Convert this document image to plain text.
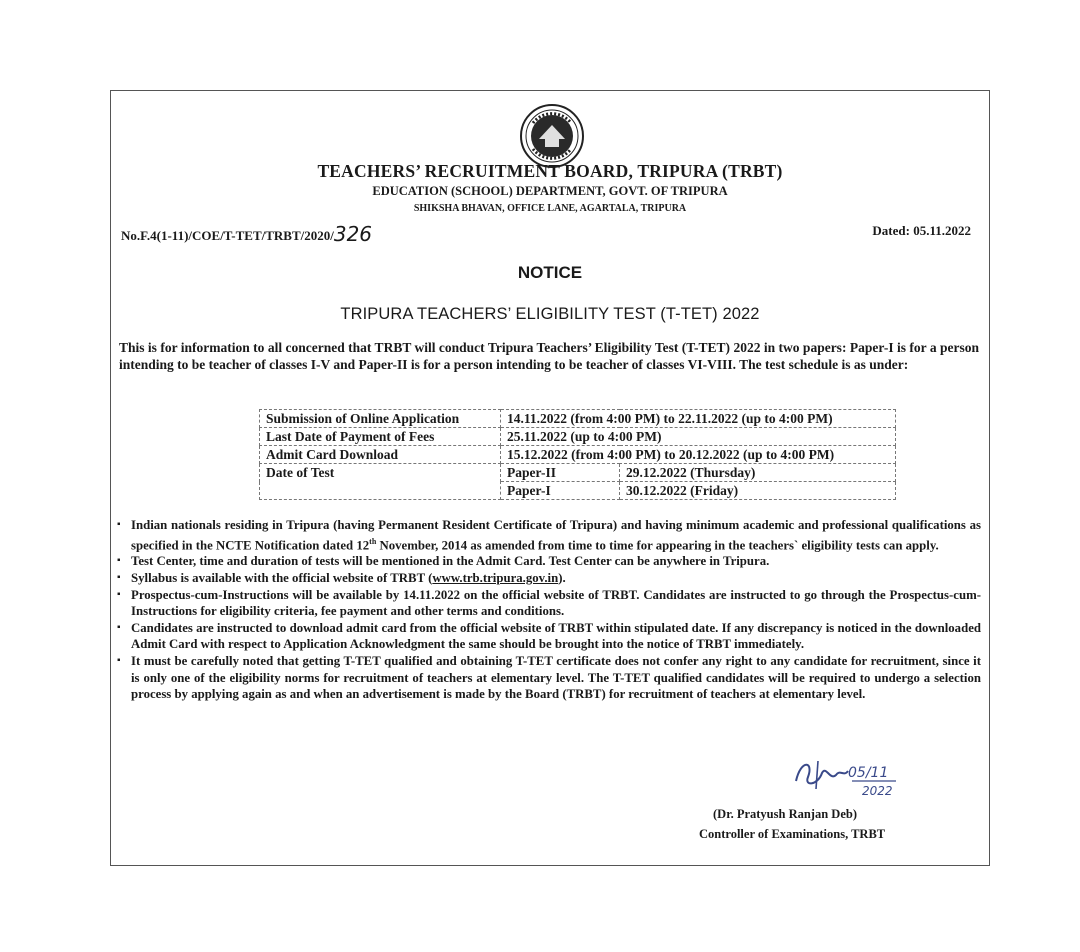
TEACHERS’ RECRUITMENT BOARD, TRIPURA (TRBT)
EDUCATION (SCHOOL) DEPARTMENT, GOVT. OF TRIPURA
SHIKSHA BHAVAN, OFFICE LANE, AGARTALA, TRIPURA
No.F.4(1-11)/COE/T-TET/TRBT/2020/326	Dated: 05.11.2022
NOTICE
TRIPURA TEACHERS’ ELIGIBILITY TEST (T-TET) 2022
This is for information to all concerned that TRBT will conduct Tripura Teachers’ Eligibility Test (T-TET) 2022 in two papers: Paper-I is for a person intending to be teacher of classes I-V and Paper-II is for a person intending to be teacher of classes VI-VIII. The test schedule is as under:
Submission of Online Application	14.11.2022 (from 4:00 PM) to 22.11.2022 (up to 4:00 PM)	
Last Date of Payment of Fees	25.11.2022 (up to 4:00 PM)	
Admit Card Download	15.12.2022 (from 4:00 PM) to 20.12.2022 (up to 4:00 PM)	
Date of Test	Paper-II	29.12.2022 (Thursday)
	Paper-I	30.12.2022 (Friday)
▪ Indian nationals residing in Tripura (having Permanent Resident Certificate of Tripura) and having minimum academic and professional qualifications as specified in the NCTE Notification dated 12th November, 2014 as amended from time to time for appearing in the teachers` eligibility tests can apply.
▪ Test Center, time and duration of tests will be mentioned in the Admit Card. Test Center can be anywhere in Tripura.
▪ Syllabus is available with the official website of TRBT (www.trb.tripura.gov.in).
▪ Prospectus-cum-Instructions will be available by 14.11.2022 on the official website of TRBT. Candidates are instructed to go through the Prospectus-cum-Instructions for eligibility criteria, fee payment and other terms and conditions.
▪ Candidates are instructed to download admit card from the official website of TRBT within stipulated date. If any discrepancy is noticed in the downloaded Admit Card with respect to Application Acknowledgment the same should be brought into the notice of TRBT immediately.
▪ It must be carefully noted that getting T-TET qualified and obtaining T-TET certificate does not confer any right to any candidate for recruitment, since it is only one of the eligibility norms for recruitment of teachers at elementary level. The T-TET qualified candidates will be required to undergo a selection process by applying again as and when an advertisement is made by the Board (TRBT) for recruitment of teachers at elementary level.
05/11
2022
(Dr. Pratyush Ranjan Deb)
Controller of Examinations, TRBT
